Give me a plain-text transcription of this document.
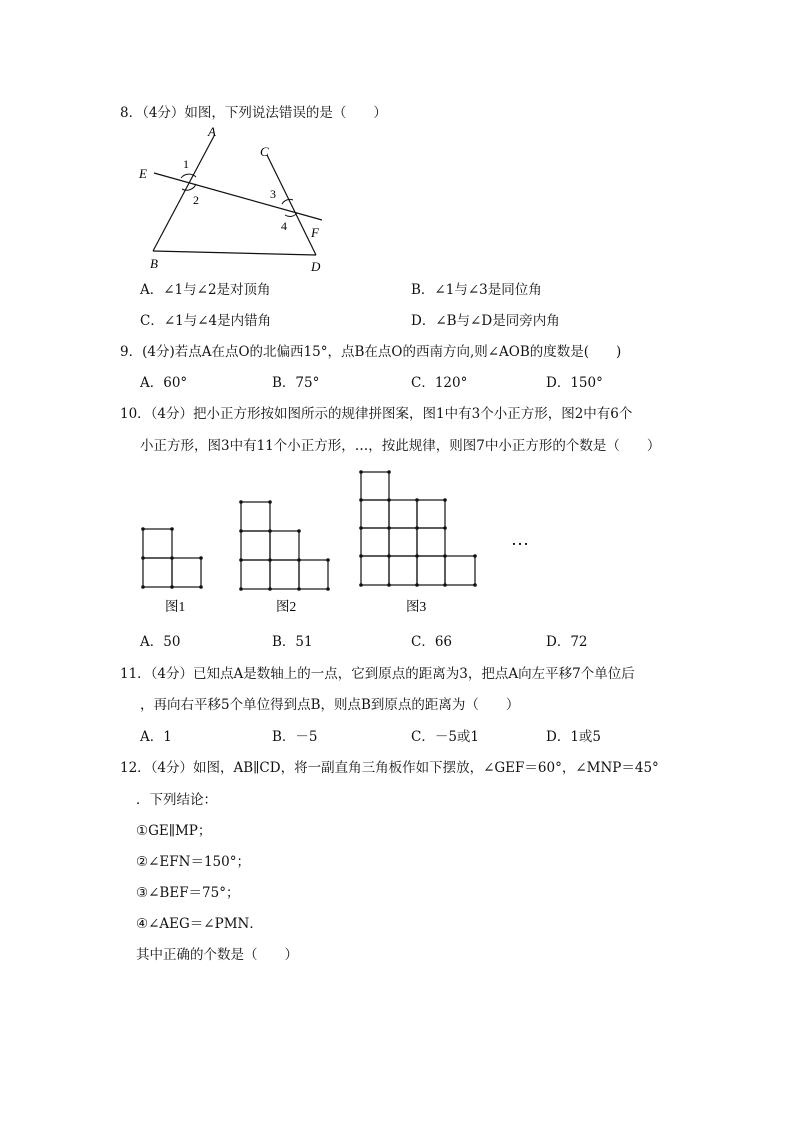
8．（4分）如图，下列说法错误的是（　　）
A
B
C
D
E
F
1
2	3
4
A．∠1与∠2是对顶角	B．∠1与∠3是同位角
C．∠1与∠4是内错角	D．∠B与∠D是同旁内角
9．(4分)若点A在点O的北偏西15°，点B在点O的西南方向,则∠AOB的度数是(　　)
A．60°	B．75°	C．120°	D．150°
10．（4分）把小正方形按如图所示的规律拼图案，图1中有3个小正方形，图2中有6个
小正方形，图3中有11个小正方形，…，按此规律，则图7中小正方形的个数是（　　）
图1	图2	图3
…
A．50	B．51	C．66	D．72
11．（4分）已知点A是数轴上的一点，它到原点的距离为3，把点A向左平移7个单位后
，再向右平移5个单位得到点B，则点B到原点的距离为（　　）
A．1	B．－5	C．－5或1	D．1或5
12．（4分）如图，AB∥CD，将一副直角三角板作如下摆放，∠GEF＝60°，∠MNP＝45°
．下列结论：
①GE∥MP；
②∠EFN＝150°；
③∠BEF＝75°；
④∠AEG＝∠PMN．
其中正确的个数是（　　）
